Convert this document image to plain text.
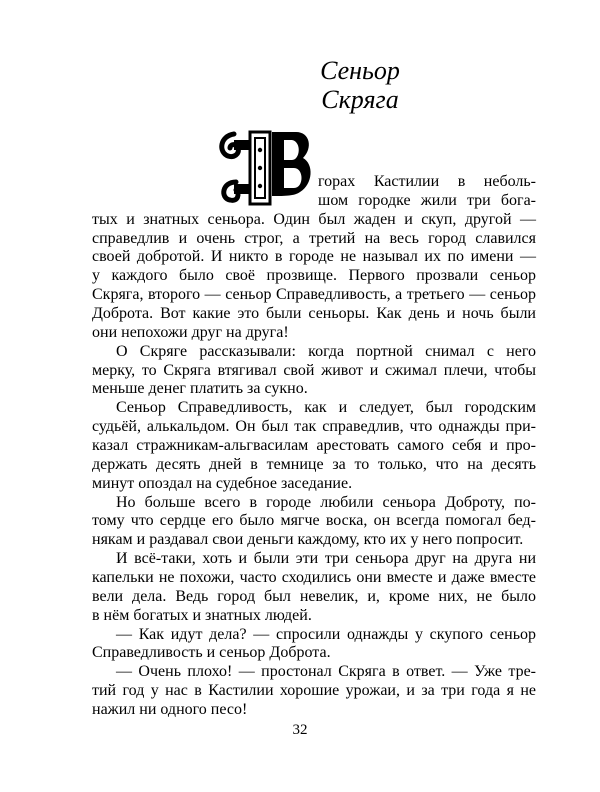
Сеньор
Скряга
32
горах Кастилии в неболь-
шом городке жили три бога-
тых и знатных сеньора. Один был жаден и скуп, другой —
справедлив и очень строг, а третий на весь город славился
своей добротой. И никто в городе не называл их по имени —
у каждого было своё прозвище. Первого прозвали сеньор
Скряга, второго — сеньор Справедливость, а третьего — сеньор
Доброта. Вот какие это были сеньоры. Как день и ночь были
они непохожи друг на друга!
О Скряге рассказывали: когда портной снимал с него
мерку, то Скряга втягивал свой живот и сжимал плечи, чтобы
меньше денег платить за сукно.
Сеньор Справедливость, как и следует, был городским
судьёй, алькальдом. Он был так справедлив, что однажды при-
казал стражникам-альгвасилам арестовать самого себя и про-
держать десять дней в темнице за то только, что на десять
минут опоздал на судебное заседание.
Но больше всего в городе любили сеньора Доброту, по-
тому что сердце его было мягче воска, он всегда помогал бед-
някам и раздавал свои деньги каждому, кто их у него попросит.
И всё-таки, хоть и были эти три сеньора друг на друга ни
капельки не похожи, часто сходились они вместе и даже вместе
вели дела. Ведь город был невелик, и, кроме них, не было
в нём богатых и знатных людей.
— Как идут дела? — спросили однажды у скупого сеньор
Справедливость и сеньор Доброта.
— Очень плохо! — простонал Скряга в ответ. — Уже тре-
тий год у нас в Кастилии хорошие урожаи, и за три года я не
нажил ни одного песо!
